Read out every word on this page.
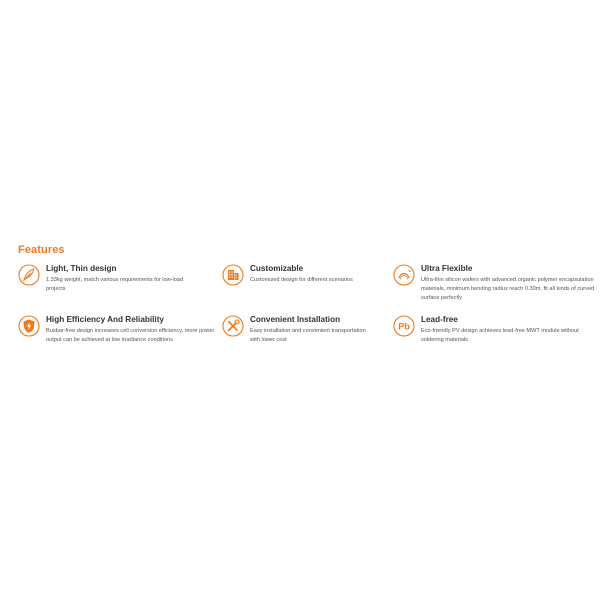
Features
Light, Thin design
1.33kg weight, match various requirements for low-load projects
Customizable
Customized design for different scenarios
Ultra Flexible
Ultra-thin silicon wafers with advanced organic polymer encapsulation materials, minimum bending radius reach 0.30m, fit all kinds of curved surface perfectly
High Efficiency And Reliability
Busbar-free design increases cell conversion efficiency, more power output can be achieved at low irradiance conditions
Convenient Installation
Easy installation and convenient transportation with lower cost
Pb
Lead-free
Eco-friendly PV design achieves lead-free MWT module without soldering materials
